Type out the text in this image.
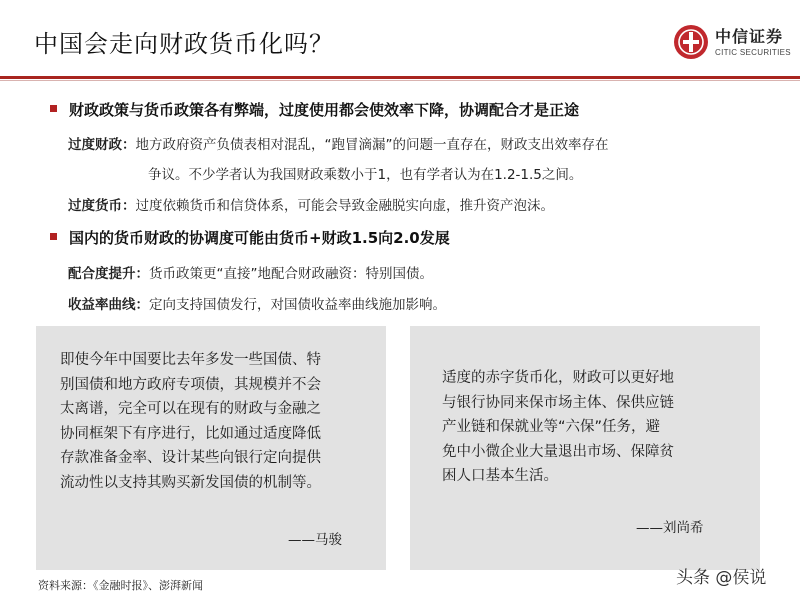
中国会走向财政货币化吗？	中信证券
CITIC SECURITIES
财政政策与货币政策各有弊端，过度使用都会使效率下降，协调配合才是正途
过度财政：地方政府资产负债表相对混乱，“跑冒滴漏”的问题一直存在，财政支出效率存在
争议。不少学者认为我国财政乘数小于1，也有学者认为在1.2-1.5之间。
过度货币：过度依赖货币和信贷体系，可能会导致金融脱实向虚，推升资产泡沫。
国内的货币财政的协调度可能由货币+财政1.5向2.0发展
配合度提升：货币政策更“直接”地配合财政融资：特别国债。
收益率曲线：定向支持国债发行，对国债收益率曲线施加影响。
即使今年中国要比去年多发一些国债、特
别国债和地方政府专项债，其规模并不会
太离谱，完全可以在现有的财政与金融之
协同框架下有序进行，比如通过适度降低
存款准备金率、设计某些向银行定向提供
流动性以支持其购买新发国债的机制等。
——马骏
适度的赤字货币化，财政可以更好地
与银行协同来保市场主体、保供应链
产业链和保就业等“六保”任务，避
免中小微企业大量退出市场、保障贫
困人口基本生活。
——刘尚希
资料来源：《金融时报》、澎湃新闻	头条 @侯说
